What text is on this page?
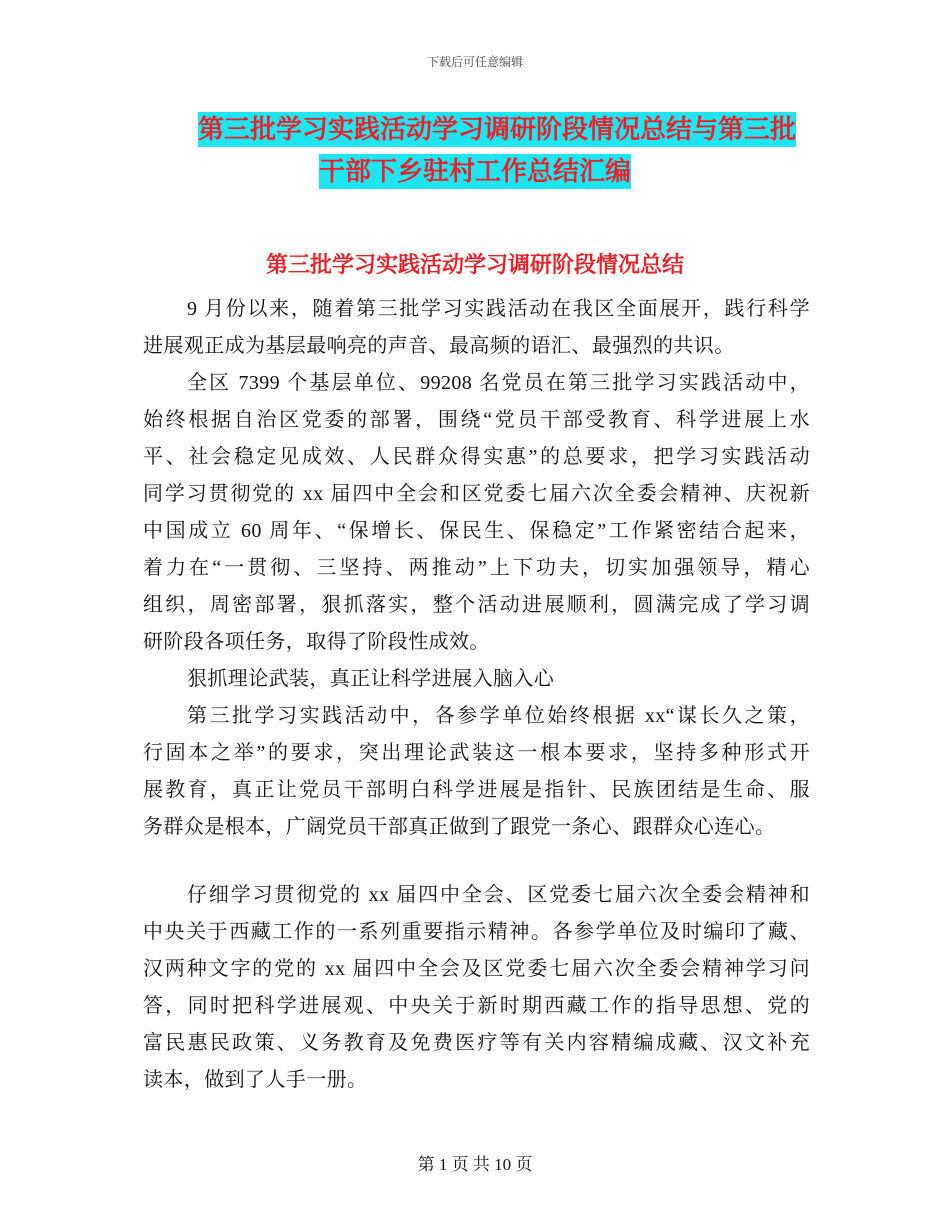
下载后可任意编辑
第三批学习实践活动学习调研阶段情况总结与第三批
干部下乡驻村工作总结汇编
第三批学习实践活动学习调研阶段情况总结
9 月份以来，随着第三批学习实践活动在我区全面展开，践行科学
进展观正成为基层最响亮的声音、最高频的语汇、最强烈的共识。
全区 7399 个基层单位、99208 名党员在第三批学习实践活动中，
始终根据自治区党委的部署，围绕“党员干部受教育、科学进展上水
平、社会稳定见成效、人民群众得实惠”的总要求，把学习实践活动
同学习贯彻党的 xx 届四中全会和区党委七届六次全委会精神、庆祝新
中国成立 60 周年、“保增长、保民生、保稳定”工作紧密结合起来，
着力在“一贯彻、三坚持、两推动”上下功夫，切实加强领导，精心
组织，周密部署，狠抓落实，整个活动进展顺利，圆满完成了学习调
研阶段各项任务，取得了阶段性成效。
狠抓理论武装，真正让科学进展入脑入心
第三批学习实践活动中，各参学单位始终根据 xx“谋长久之策，
行固本之举”的要求，突出理论武装这一根本要求，坚持多种形式开
展教育，真正让党员干部明白科学进展是指针、民族团结是生命、服
务群众是根本，广阔党员干部真正做到了跟党一条心、跟群众心连心。
仔细学习贯彻党的 xx 届四中全会、区党委七届六次全委会精神和
中央关于西藏工作的一系列重要指示精神。各参学单位及时编印了藏、
汉两种文字的党的 xx 届四中全会及区党委七届六次全委会精神学习问
答，同时把科学进展观、中央关于新时期西藏工作的指导思想、党的
富民惠民政策、义务教育及免费医疗等有关内容精编成藏、汉文补充
读本，做到了人手一册。
第 1 页 共 10 页
